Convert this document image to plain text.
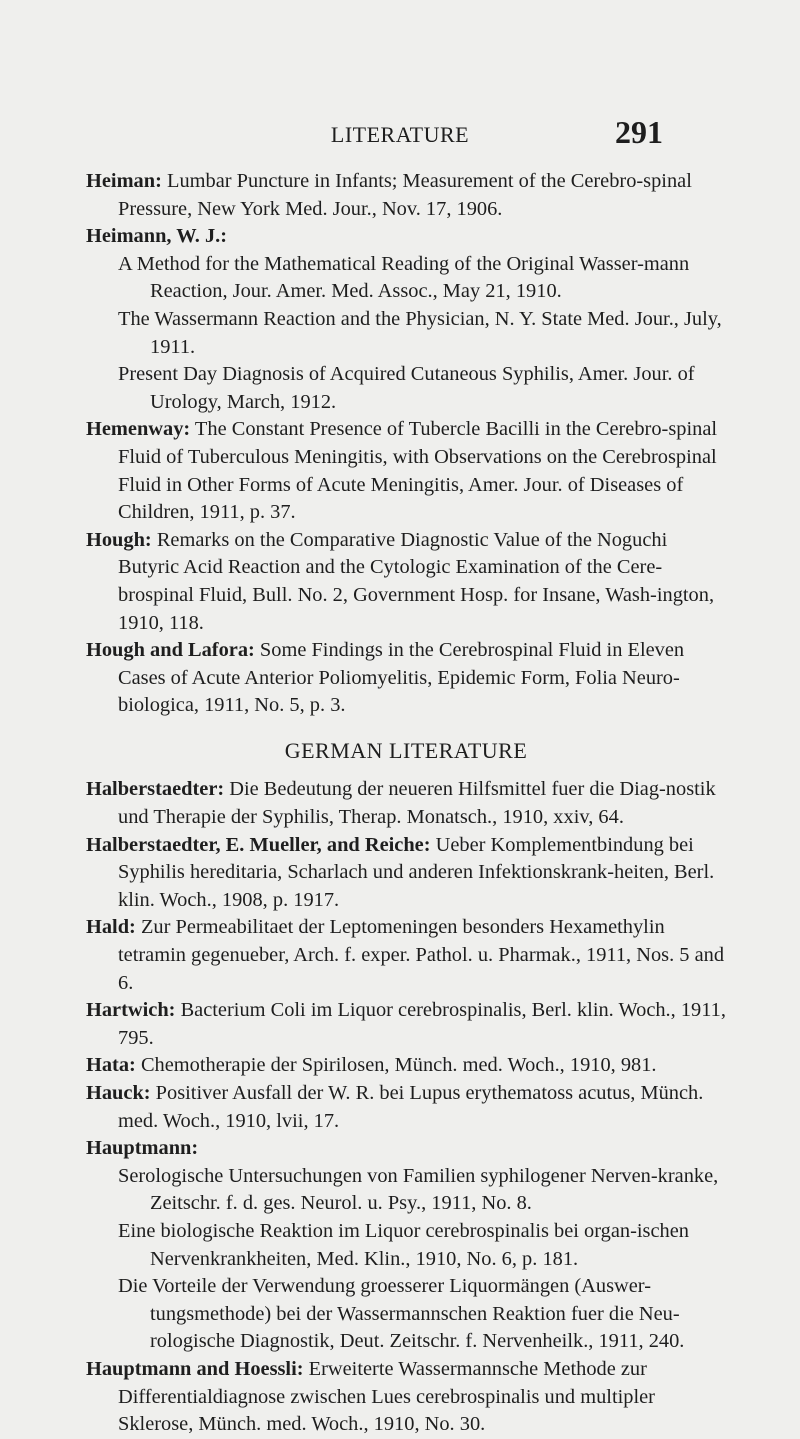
LITERATURE	291

Heiman: Lumbar Puncture in Infants; Measurement of the Cerebro-spinal Pressure, New York Med. Jour., Nov. 17, 1906.

Heimann, W. J.:

A Method for the Mathematical Reading of the Original Wasser-mann Reaction, Jour. Amer. Med. Assoc., May 21, 1910.

The Wassermann Reaction and the Physician, N. Y. State Med. Jour., July, 1911.

Present Day Diagnosis of Acquired Cutaneous Syphilis, Amer. Jour. of Urology, March, 1912.

Hemenway: The Constant Presence of Tubercle Bacilli in the Cerebro-spinal Fluid of Tuberculous Meningitis, with Observations on the Cerebrospinal Fluid in Other Forms of Acute Meningitis, Amer. Jour. of Diseases of Children, 1911, p. 37.

Hough: Remarks on the Comparative Diagnostic Value of the Noguchi Butyric Acid Reaction and the Cytologic Examination of the Cere-brospinal Fluid, Bull. No. 2, Government Hosp. for Insane, Wash-ington, 1910, 118.

Hough and Lafora: Some Findings in the Cerebrospinal Fluid in Eleven Cases of Acute Anterior Poliomyelitis, Epidemic Form, Folia Neuro-biologica, 1911, No. 5, p. 3.

GERMAN LITERATURE

Halberstaedter: Die Bedeutung der neueren Hilfsmittel fuer die Diag-nostik und Therapie der Syphilis, Therap. Monatsch., 1910, xxiv, 64.

Halberstaedter, E. Mueller, and Reiche: Ueber Komplementbindung bei Syphilis hereditaria, Scharlach und anderen Infektionskrank-heiten, Berl. klin. Woch., 1908, p. 1917.

Hald: Zur Permeabilitaet der Leptomeningen besonders Hexamethylin tetramin gegenueber, Arch. f. exper. Pathol. u. Pharmak., 1911, Nos. 5 and 6.

Hartwich: Bacterium Coli im Liquor cerebrospinalis, Berl. klin. Woch., 1911, 795.

Hata: Chemotherapie der Spirilosen, Münch. med. Woch., 1910, 981.

Hauck: Positiver Ausfall der W. R. bei Lupus erythematoss acutus, Münch. med. Woch., 1910, lvii, 17.

Hauptmann:

Serologische Untersuchungen von Familien syphilogener Nerven-kranke, Zeitschr. f. d. ges. Neurol. u. Psy., 1911, No. 8.

Eine biologische Reaktion im Liquor cerebrospinalis bei organ-ischen Nervenkrankheiten, Med. Klin., 1910, No. 6, p. 181.

Die Vorteile der Verwendung groesserer Liquormängen (Auswer-tungsmethode) bei der Wassermannschen Reaktion fuer die Neu-rologische Diagnostik, Deut. Zeitschr. f. Nervenheilk., 1911, 240.

Hauptmann and Hoessli: Erweiterte Wassermannsche Methode zur Differentialdiagnose zwischen Lues cerebrospinalis und multipler Sklerose, Münch. med. Woch., 1910, No. 30.
